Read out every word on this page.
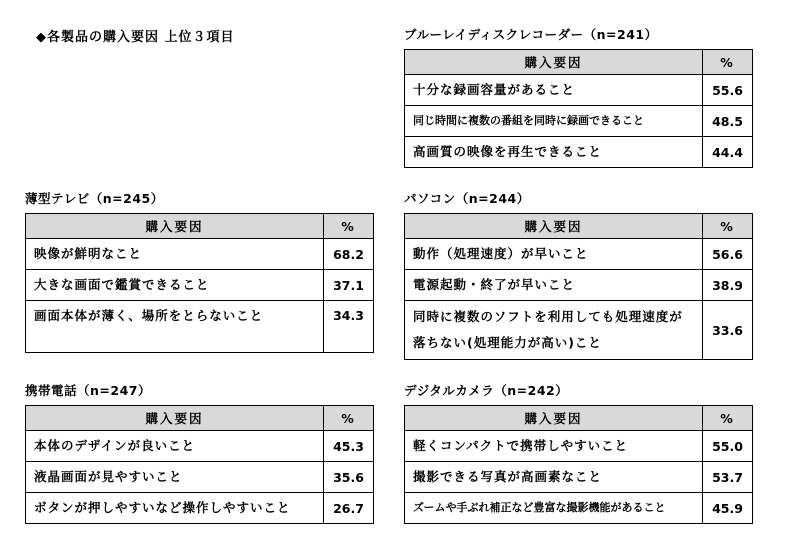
◆各製品の購入要因 上位３項目	ブルーレイディスクレコーダー（n=241）
購入要因	%
十分な録画容量があること	55.6
同じ時間に複数の番組を同時に録画できること	48.5
高画質の映像を再生できること	44.4
薄型テレビ（n=245）
購入要因	%
映像が鮮明なこと	68.2
大きな画面で鑑賞できること	37.1
画面本体が薄く、場所をとらないこと	34.3
パソコン（n=244）
購入要因	%
動作（処理速度）が早いこと	56.6
電源起動・終了が早いこと	38.9
同時に複数のソフトを利用しても処理速度が落ちない(処理能力が高い)こと	33.6
携帯電話（n=247）
購入要因	%
本体のデザインが良いこと	45.3
液晶画面が見やすいこと	35.6
ボタンが押しやすいなど操作しやすいこと	26.7
デジタルカメラ（n=242）
購入要因	%
軽くコンパクトで携帯しやすいこと	55.0
撮影できる写真が高画素なこと	53.7
ズームや手ぶれ補正など豊富な撮影機能があること	45.9
